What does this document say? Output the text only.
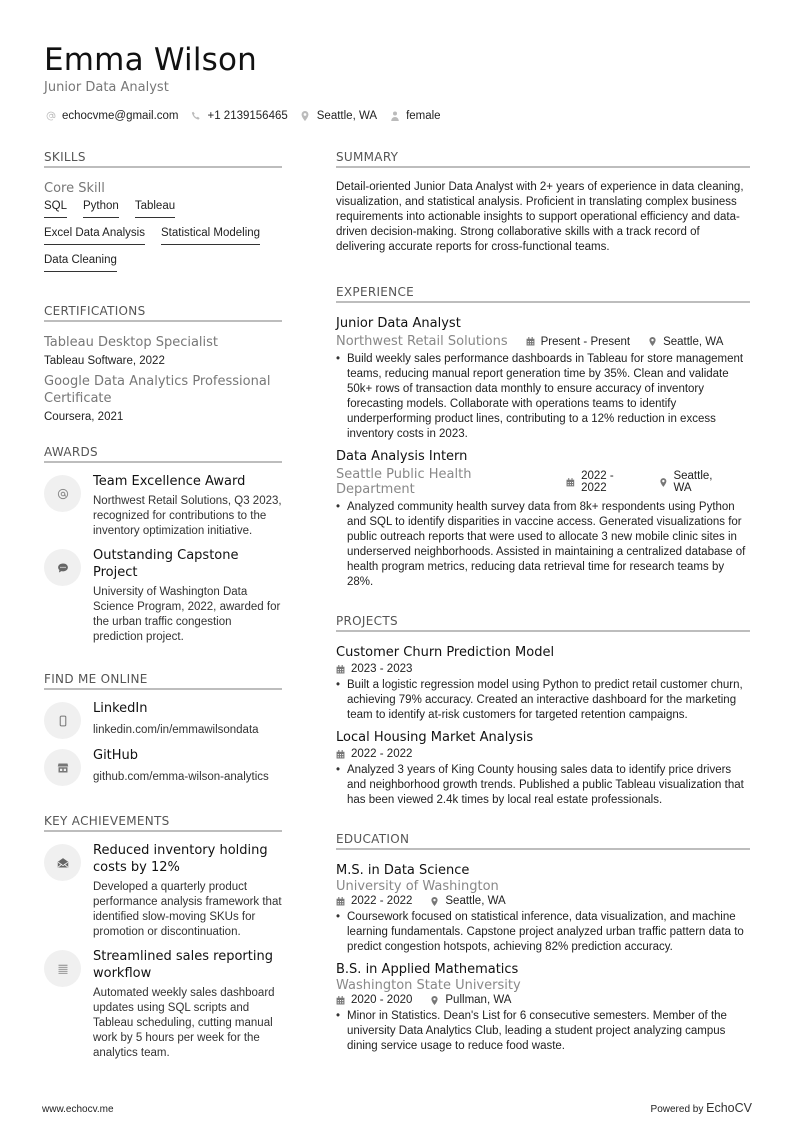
Emma Wilson
Junior Data Analyst
echocvme@gmail.com	+1 2139156465	Seattle, WA	female
SKILLS
Core Skill
SQL Python Tableau
Excel Data Analysis Statistical Modeling
Data Cleaning
CERTIFICATIONS
Tableau Desktop Specialist
Tableau Software, 2022
Google Data Analytics Professional Certificate
Coursera, 2021
AWARDS
Team Excellence Award
Northwest Retail Solutions, Q3 2023, recognized for contributions to the inventory optimization initiative.
Outstanding Capstone Project
University of Washington Data Science Program, 2022, awarded for the urban traffic congestion prediction project.
FIND ME ONLINE
LinkedIn
linkedin.com/in/emmawilsondata
GitHub
github.com/emma-wilson-analytics
KEY ACHIEVEMENTS
Reduced inventory holding costs by 12%
Developed a quarterly product performance analysis framework that identified slow-moving SKUs for promotion or discontinuation.
Streamlined sales reporting workflow
Automated weekly sales dashboard updates using SQL scripts and Tableau scheduling, cutting manual work by 5 hours per week for the analytics team.
SUMMARY
Detail-oriented Junior Data Analyst with 2+ years of experience in data cleaning, visualization, and statistical analysis. Proficient in translating complex business requirements into actionable insights to support operational efficiency and data-driven decision-making. Strong collaborative skills with a track record of delivering accurate reports for cross-functional teams.
EXPERIENCE
Junior Data Analyst
Northwest Retail Solutions	Present - Present	Seattle, WA
• Build weekly sales performance dashboards in Tableau for store management teams, reducing manual report generation time by 35%. Clean and validate 50k+ rows of transaction data monthly to ensure accuracy of inventory forecasting models. Collaborate with operations teams to identify underperforming product lines, contributing to a 12% reduction in excess inventory costs in 2023.
Data Analysis Intern
Seattle Public Health Department
2022 - 2022
Seattle, WA
• Analyzed community health survey data from 8k+ respondents using Python and SQL to identify disparities in vaccine access. Generated visualizations for public outreach reports that were used to allocate 3 new mobile clinic sites in underserved neighborhoods. Assisted in maintaining a centralized database of health program metrics, reducing data retrieval time for research teams by 28%.
PROJECTS
Customer Churn Prediction Model
2023 - 2023
• Built a logistic regression model using Python to predict retail customer churn, achieving 79% accuracy. Created an interactive dashboard for the marketing team to identify at-risk customers for targeted retention campaigns.
Local Housing Market Analysis
2022 - 2022
• Analyzed 3 years of King County housing sales data to identify price drivers and neighborhood growth trends. Published a public Tableau visualization that has been viewed 2.4k times by local real estate professionals.
EDUCATION
M.S. in Data Science
University of Washington
2022 - 2022	Seattle, WA
• Coursework focused on statistical inference, data visualization, and machine learning fundamentals. Capstone project analyzed urban traffic pattern data to predict congestion hotspots, achieving 82% prediction accuracy.
B.S. in Applied Mathematics
Washington State University
2020 - 2020	Pullman, WA
• Minor in Statistics. Dean's List for 6 consecutive semesters. Member of the university Data Analytics Club, leading a student project analyzing campus dining service usage to reduce food waste.
www.echocv.me	Powered by EchoCV
